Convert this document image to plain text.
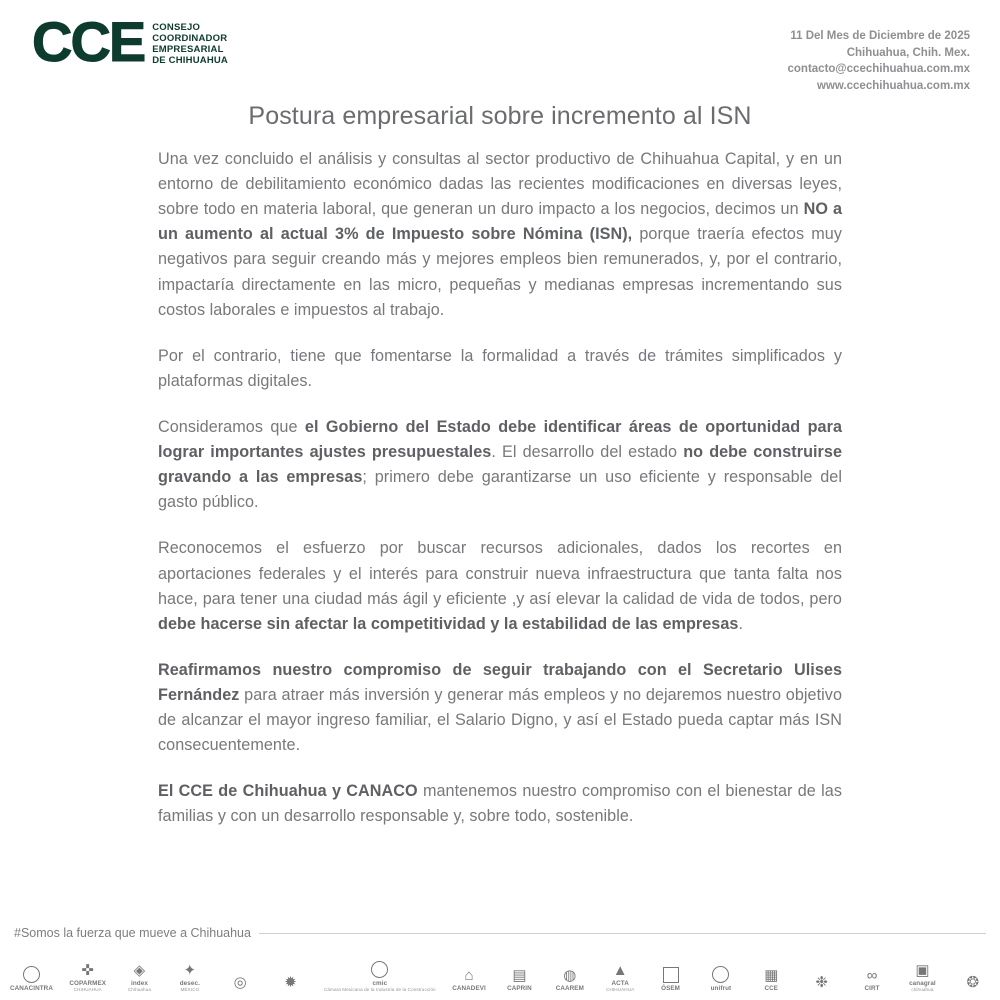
CCE CONSEJO
COORDINADOR
EMPRESARIAL
DE CHIHUAHUA
11 Del Mes de Diciembre de 2025
Chihuahua, Chih. Mex.
contacto@ccechihuahua.com.mx
www.ccechihuahua.com.mx
Postura empresarial sobre incremento al ISN

Una vez concluido el análisis y consultas al sector productivo de Chihuahua Capital, y en un entorno de debilitamiento económico dadas las recientes modificaciones en diversas leyes, sobre todo en materia laboral, que generan un duro impacto a los negocios, decimos un NO a un aumento al actual 3% de Impuesto sobre Nómina (ISN), porque traería efectos muy negativos para seguir creando más y mejores empleos bien remunerados, y, por el contrario, impactaría directamente en las micro, pequeñas y medianas empresas incrementando sus costos laborales e impuestos al trabajo.

Por el contrario, tiene que fomentarse la formalidad a través de trámites simplificados y plataformas digitales.

Consideramos que el Gobierno del Estado debe identificar áreas de oportunidad para lograr importantes ajustes presupuestales. El desarrollo del estado no debe construirse gravando a las empresas; primero debe garantizarse un uso eficiente y responsable del gasto público.

Reconocemos el esfuerzo por buscar recursos adicionales, dados los recortes en aportaciones federales y el interés para construir nueva infraestructura que tanta falta nos hace, para tener una ciudad más ágil y eficiente ,y así elevar la calidad de vida de todos, pero debe hacerse sin afectar la competitividad y la estabilidad de las empresas.

Reafirmamos nuestro compromiso de seguir trabajando con el Secretario Ulises Fernández para atraer más inversión y generar más empleos y no dejaremos nuestro objetivo de alcanzar el mayor ingreso familiar, el Salario Digno, y así el Estado pueda captar más ISN consecuentemente.

El CCE de Chihuahua y CANACO mantenemos nuestro compromiso con el bienestar de las familias y con un desarrollo responsable y, sobre todo, sostenible.

#Somos la fuerza que mueve a Chihuahua
CANACINTRA
✜
COPARMEX
CHIHUAHUA
◈
index
Chihuahua
✦
desec.
MÉXICO ◎	✹	cmic
Cámara Mexicana de la Industria de la Construcción
⌂
CANADEVI
▤
CAPRIN
◍
CAAREM
▲
ACTA
CHIHUAHUA	ÓSEM	unifrut
▦
CCE ❉	∞
CIRT
▣
canagral
chihuahua ❂
